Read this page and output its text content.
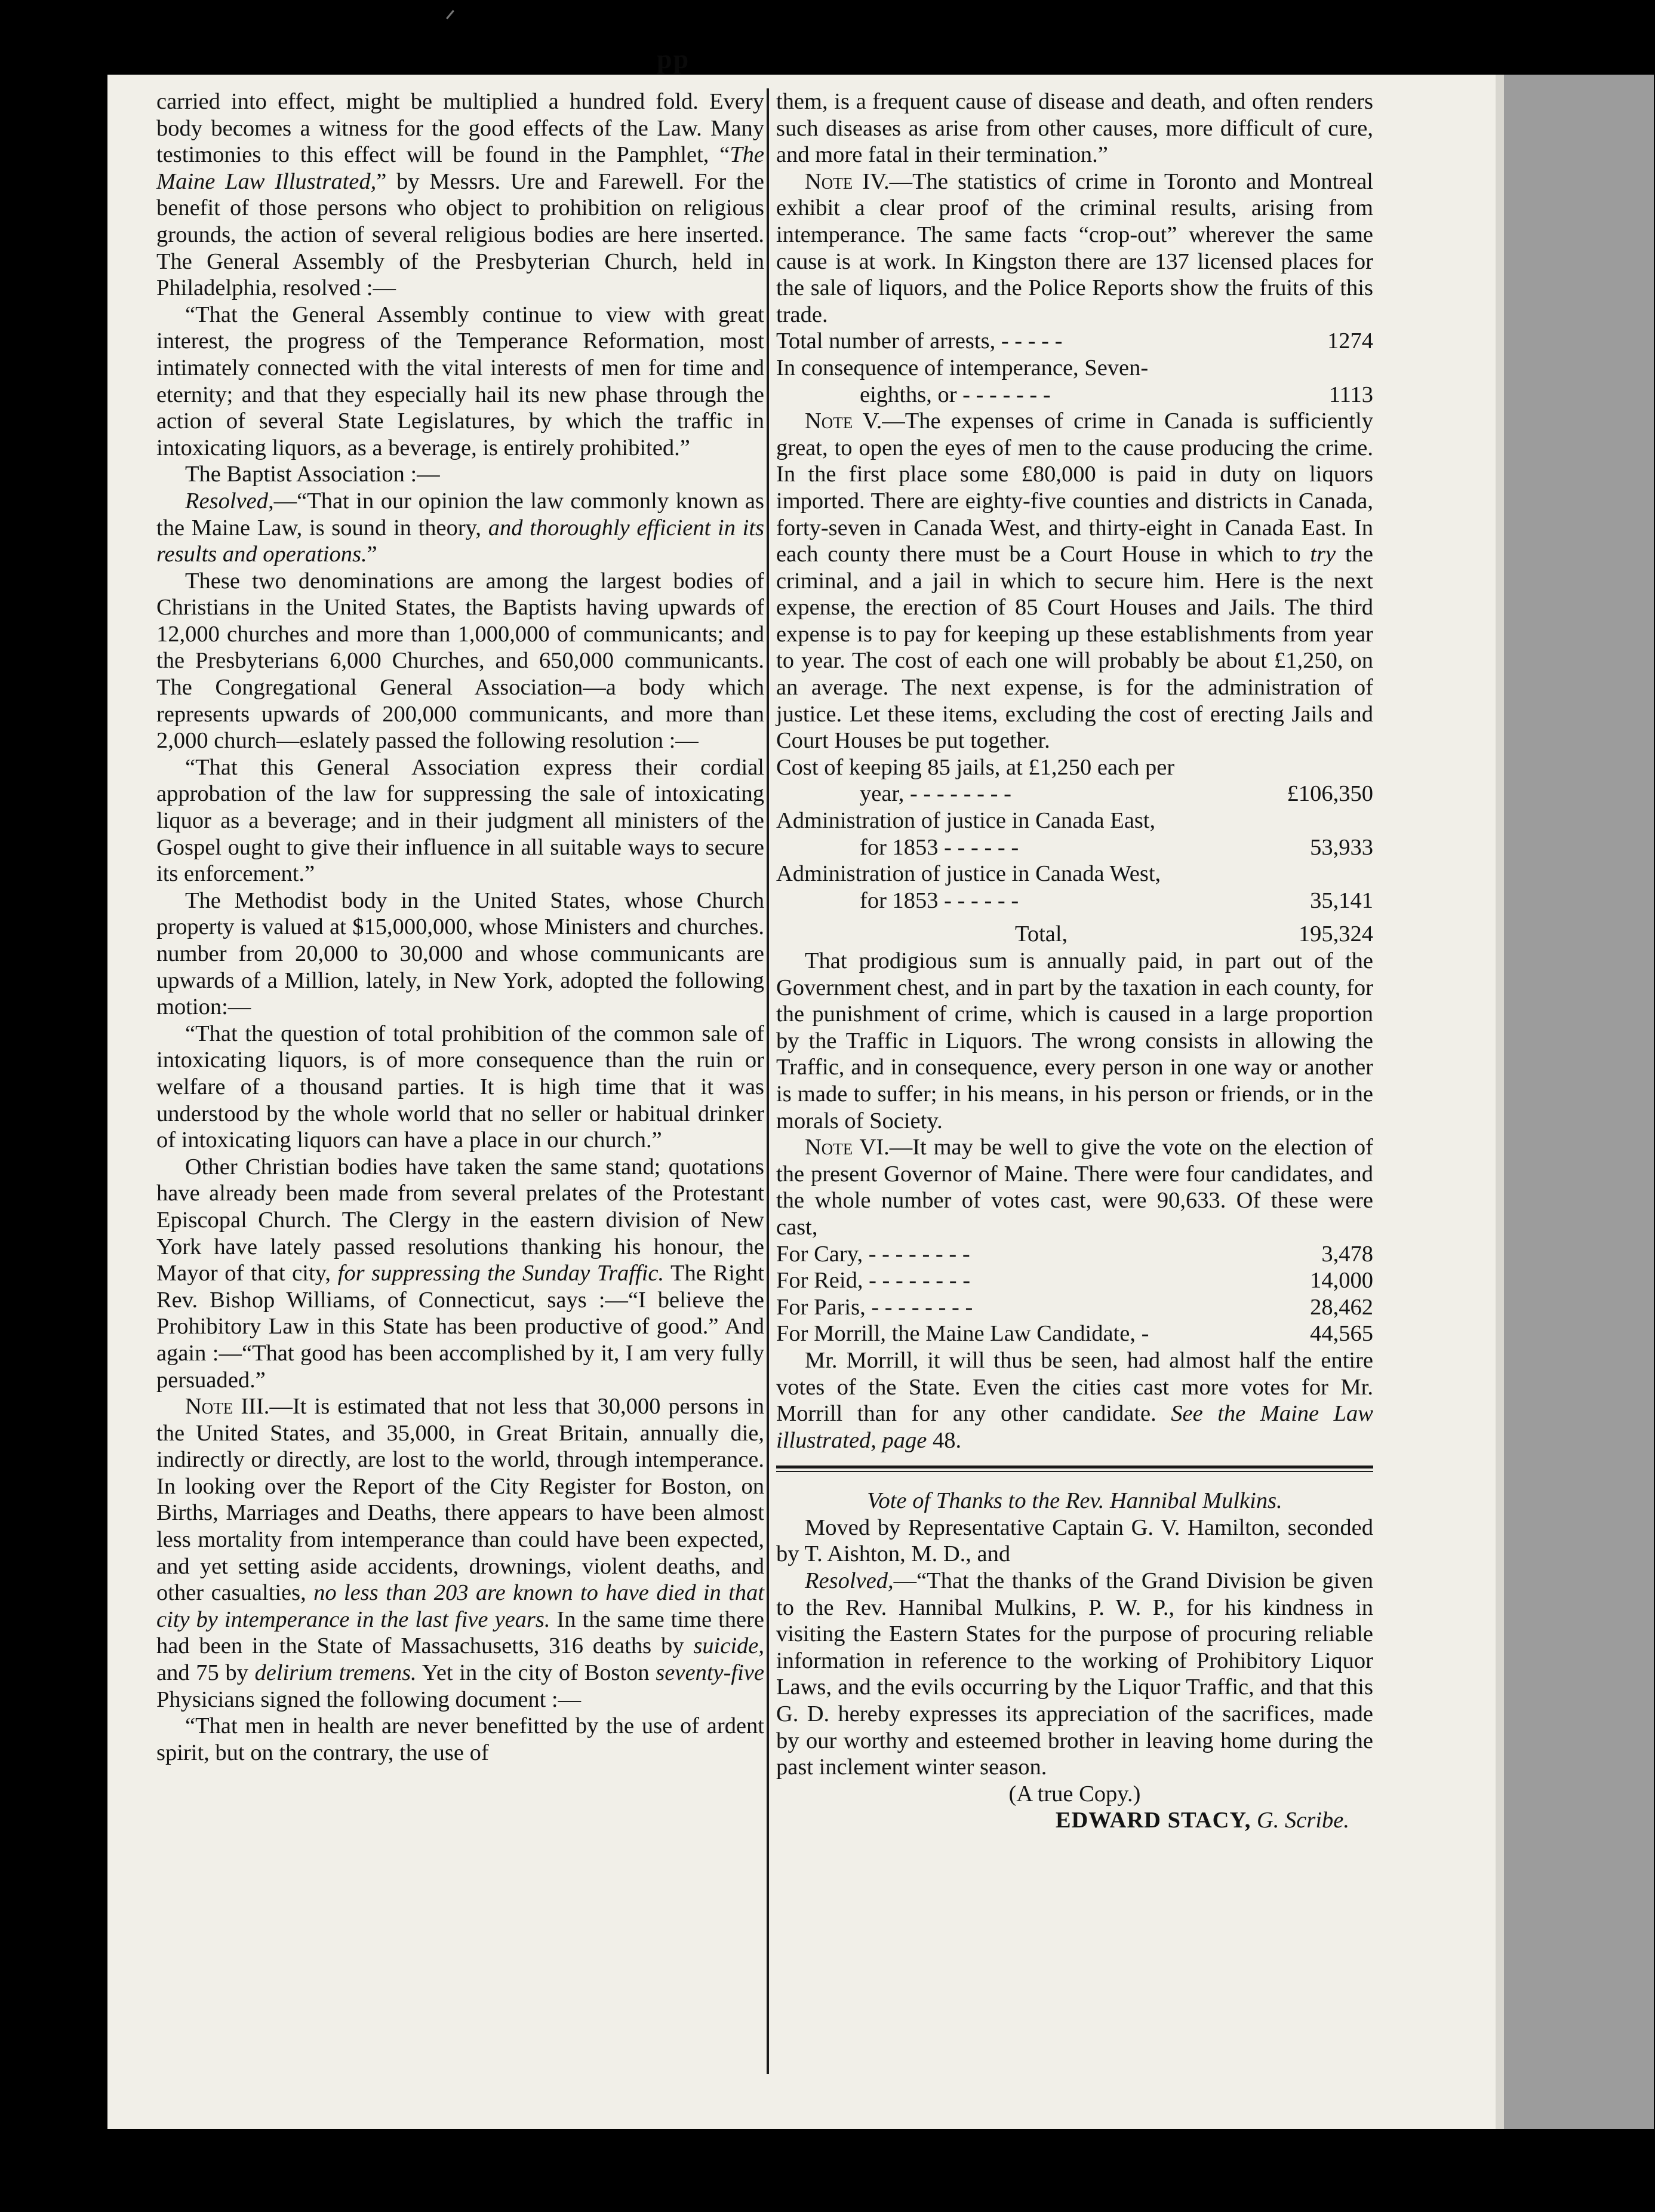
ᐟ
pp

carried into effect, might be multiplied a hundred fold. Every body becomes a witness for the good effects of the Law. Many testimonies to this effect will be found in the Pamphlet, “The Maine Law Illustrated,” by Messrs. Ure and Farewell. For the benefit of those persons who object to prohibition on religious grounds, the action of several religious bodies are here inserted. The General Assembly of the Presbyterian Church, held in Philadelphia, resolved :—

“That the General Assembly continue to view with great interest, the progress of the Temperance Reformation, most intimately connected with the vital interests of men for time and eternity; and that they especially hail its new phase through the action of several State Legislatures, by which the traffic in intoxicating liquors, as a beverage, is entirely prohibited.”

The Baptist Association :—

Resolved,—“That in our opinion the law commonly known as the Maine Law, is sound in theory, and thoroughly efficient in its results and operations.”

These two denominations are among the largest bodies of Christians in the United States, the Baptists having upwards of 12,000 churches and more than 1,000,000 of communicants; and the Presbyterians 6,000 Churches, and 650,000 communicants. The Congregational General Association—a body which represents upwards of 200,000 communicants, and more than 2,000 church—eslately passed the following resolution :—

“That this General Association express their cordial approbation of the law for suppressing the sale of intoxicating liquor as a beverage; and in their judgment all ministers of the Gospel ought to give their influence in all suitable ways to secure its enforcement.”

The Methodist body in the United States, whose Church property is valued at $15,000,000, whose Ministers and churches. number from 20,000 to 30,000 and whose communicants are upwards of a Million, lately, in New York, adopted the following motion:—

“That the question of total prohibition of the common sale of intoxicating liquors, is of more consequence than the ruin or welfare of a thousand parties. It is high time that it was understood by the whole world that no seller or habitual drinker of intoxicating liquors can have a place in our church.”

Other Christian bodies have taken the same stand; quotations have already been made from several prelates of the Protestant Episcopal Church. The Clergy in the eastern division of New York have lately passed resolutions thanking his honour, the Mayor of that city, for suppressing the Sunday Traffic. The Right Rev. Bishop Williams, of Connecticut, says :—“I believe the Prohibitory Law in this State has been productive of good.” And again :—“That good has been accomplished by it, I am very fully persuaded.”

Note III.—It is estimated that not less that 30,000 persons in the United States, and 35,000, in Great Britain, annually die, indirectly or directly, are lost to the world, through intemperance. In looking over the Report of the City Register for Boston, on Births, Marriages and Deaths, there appears to have been almost less mortality from intemperance than could have been expected, and yet setting aside accidents, drownings, violent deaths, and other casualties, no less than 203 are known to have died in that city by intemperance in the last five years. In the same time there had been in the State of Massachusetts, 316 deaths by suicide, and 75 by delirium tremens. Yet in the city of Boston seventy-five Physicians signed the following document :—

“That men in health are never benefitted by the use of ardent spirit, but on the contrary, the use of

them, is a frequent cause of disease and death, and often renders such diseases as arise from other causes, more difficult of cure, and more fatal in their termination.”

Note IV.—The statistics of crime in Toronto and Montreal exhibit a clear proof of the criminal results, arising from intemperance. The same facts “crop-out” wherever the same cause is at work. In Kingston there are 137 licensed places for the sale of liquors, and the Police Reports show the fruits of this trade.

Total number of arrests, - - - - -	1274
In consequence of intemperance, Seven-
eighths, or - - - - - - -	1113

Note V.—The expenses of crime in Canada is sufficiently great, to open the eyes of men to the cause producing the crime. In the first place some £80,000 is paid in duty on liquors imported. There are eighty-five counties and districts in Canada, forty-seven in Canada West, and thirty-eight in Canada East. In each county there must be a Court House in which to try the criminal, and a jail in which to secure him. Here is the next expense, the erection of 85 Court Houses and Jails. The third expense is to pay for keeping up these establishments from year to year. The cost of each one will probably be about £1,250, on an average. The next expense, is for the administration of justice. Let these items, excluding the cost of erecting Jails and Court Houses be put together.

Cost of keeping 85 jails, at £1,250 each per
year, - - - - - - - -	£106,350
Administration of justice in Canada East,
for 1853 - - - - - -	53,933
Administration of justice in Canada West,
for 1853 - - - - - -	35,141
Total,	195,324

That prodigious sum is annually paid, in part out of the Government chest, and in part by the taxation in each county, for the punishment of crime, which is caused in a large proportion by the Traffic in Liquors. The wrong consists in allowing the Traffic, and in consequence, every person in one way or another is made to suffer; in his means, in his person or friends, or in the morals of Society.

Note VI.—It may be well to give the vote on the election of the present Governor of Maine. There were four candidates, and the whole number of votes cast, were 90,633. Of these were cast,

For Cary, - - - - - - - -	3,478
For Reid, - - - - - - - -	14,000
For Paris, - - - - - - - -	28,462
For Morrill, the Maine Law Candidate, -	44,565

Mr. Morrill, it will thus be seen, had almost half the entire votes of the State. Even the cities cast more votes for Mr. Morrill than for any other candidate. See the Maine Law illustrated, page 48.

Vote of Thanks to the Rev. Hannibal Mulkins.

Moved by Representative Captain G. V. Hamilton, seconded by T. Aishton, M. D., and

Resolved,—“That the thanks of the Grand Division be given to the Rev. Hannibal Mulkins, P. W. P., for his kindness in visiting the Eastern States for the purpose of procuring reliable information in reference to the working of Prohibitory Liquor Laws, and the evils occurring by the Liquor Traffic, and that this G. D. hereby expresses its appreciation of the sacrifices, made by our worthy and esteemed brother in leaving home during the past inclement winter season.

(A true Copy.)

EDWARD STACY, G. Scribe.
